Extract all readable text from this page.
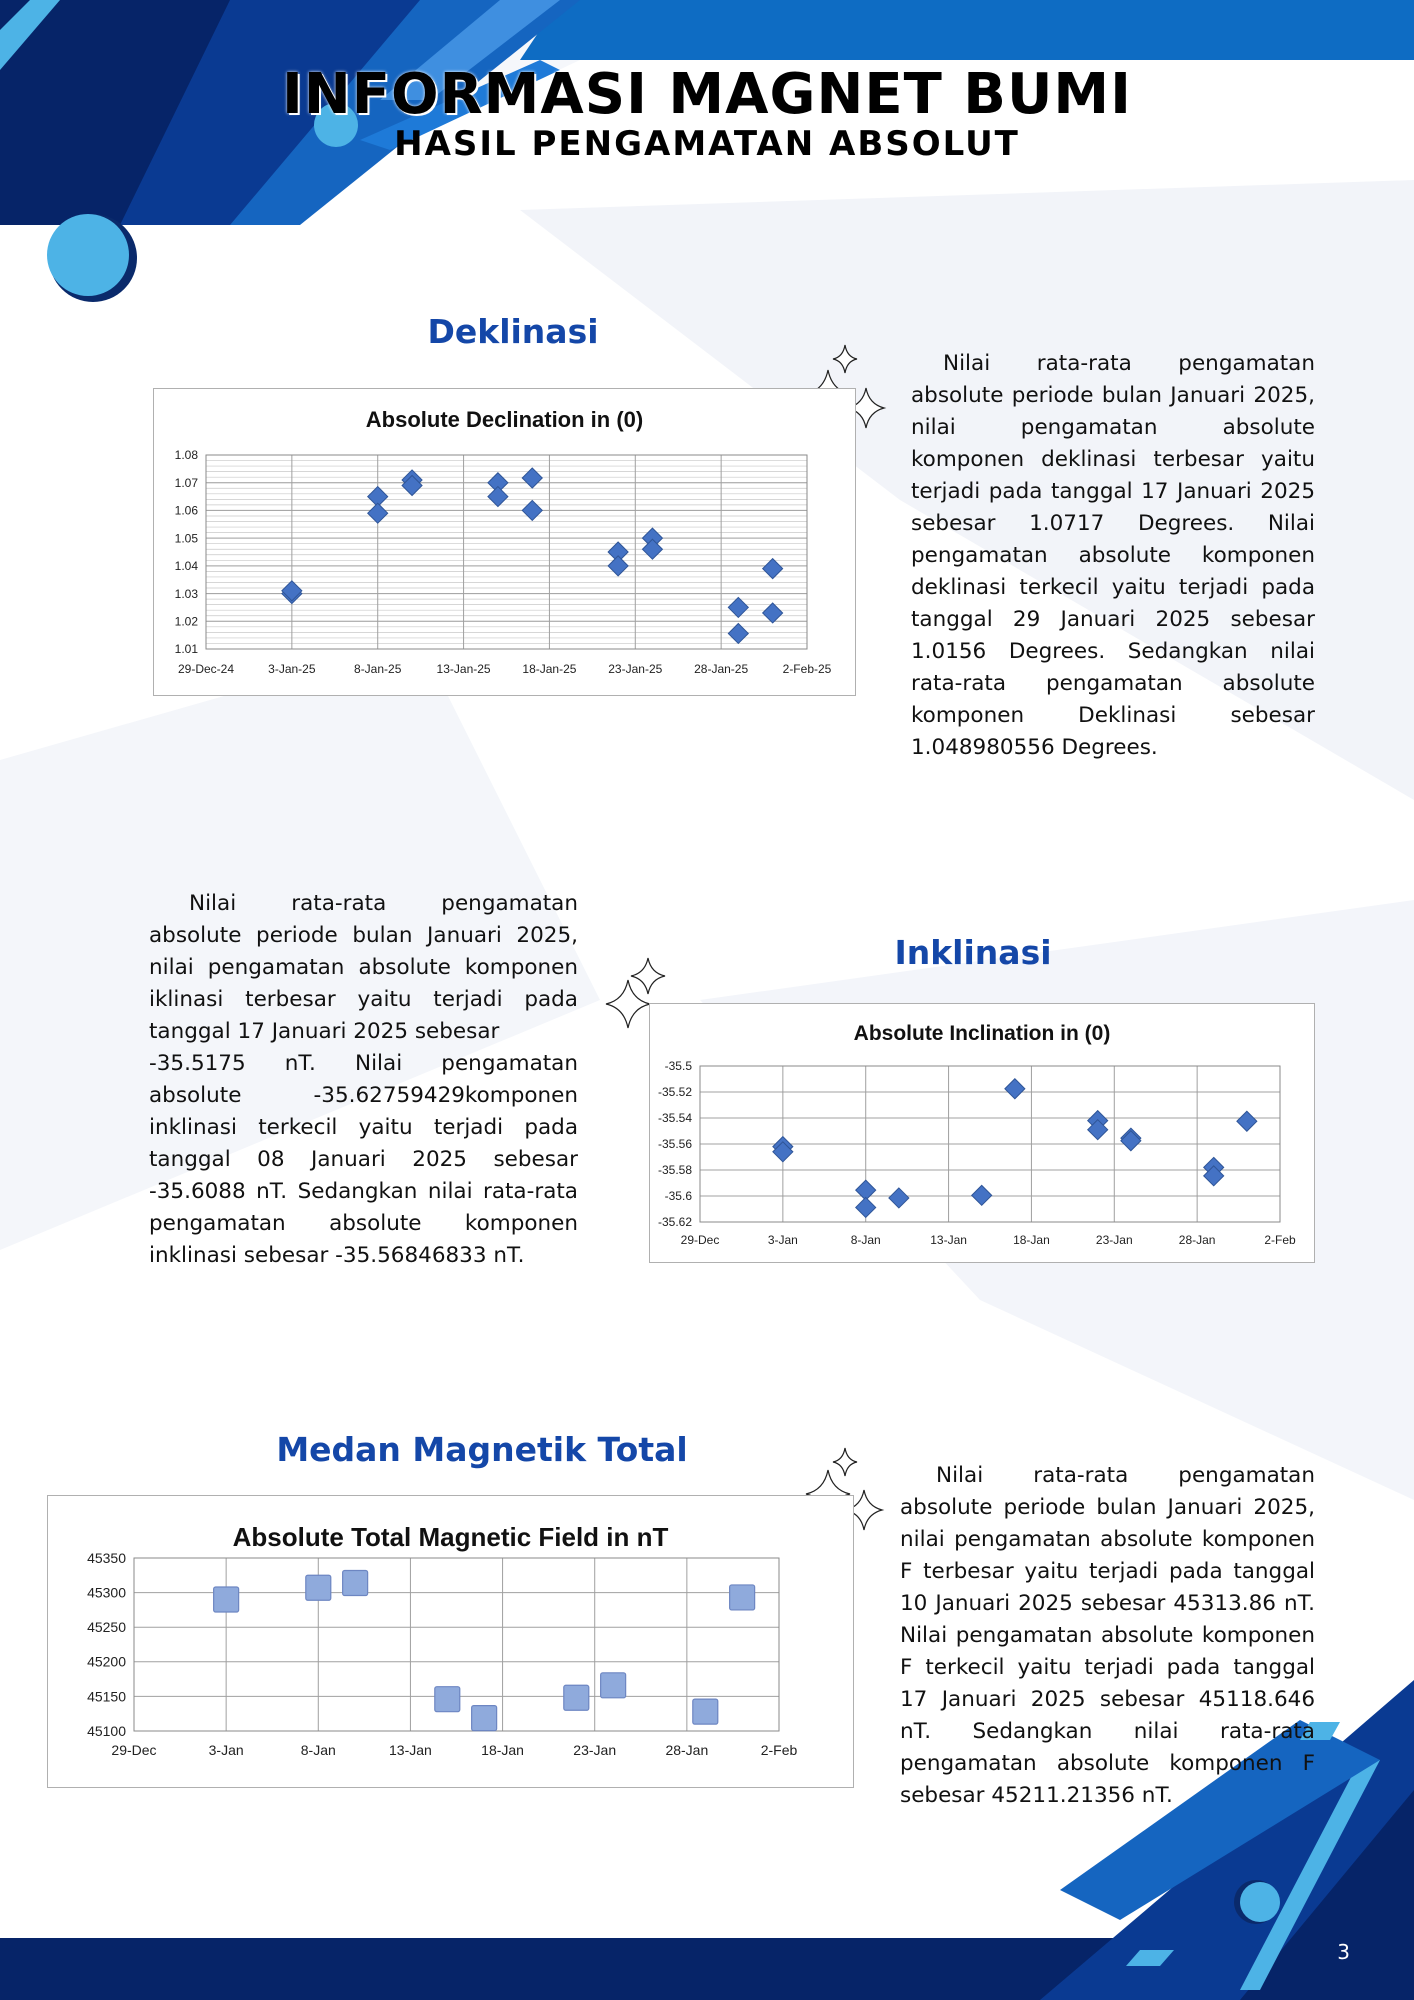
INFORMASI MAGNET BUMI
HASIL PENGAMATAN ABSOLUT
Deklinasi
Absolute Declination in (0)
1.01
1.02
1.03
1.04
1.05
1.06
1.07
1.08
29-Dec-24	3-Jan-25	8-Jan-25	13-Jan-25	18-Jan-25	23-Jan-25	28-Jan-25	2-Feb-25

Nilai rata-rata pengamatan absolute periode bulan Januari 2025, nilai pengamatan absolute komponen deklinasi terbesar yaitu terjadi pada tanggal 17 Januari 2025 sebesar 1.0717 Degrees. Nilai pengamatan absolute komponen deklinasi terkecil yaitu terjadi pada tanggal 29 Januari 2025 sebesar 1.0156 Degrees. Sedangkan nilai rata-rata pengamatan absolute komponen Deklinasi sebesar 1.048980556 Degrees.

Nilai rata-rata pengamatan absolute periode bulan Januari 2025, nilai pengamatan absolute komponen iklinasi terbesar yaitu terjadi pada tanggal 17 Januari 2025 sebesar
-35.5175 nT. Nilai pengamatan absolute -35.62759429komponen inklinasi terkecil yaitu terjadi pada tanggal 08 Januari 2025 sebesar -35.6088 nT. Sedangkan nilai rata-rata pengamatan absolute komponen inklinasi sebesar -35.56846833 nT.
Inklinasi
Absolute Inclination in (0)
-35.5
-35.52
-35.54
-35.56
-35.58
-35.6
-35.62
29-Dec	3-Jan	8-Jan	13-Jan	18-Jan	23-Jan	28-Jan	2-Feb
Medan Magnetik Total
Absolute Total Magnetic Field in nT
45350
45300
45250
45200
45150
45100
29-Dec	3-Jan	8-Jan	13-Jan	18-Jan	23-Jan	28-Jan	2-Feb

Nilai rata-rata pengamatan absolute periode bulan Januari 2025, nilai pengamatan absolute komponen F terbesar yaitu terjadi pada tanggal 10 Januari 2025 sebesar 45313.86 nT. Nilai pengamatan absolute komponen F terkecil yaitu terjadi pada tanggal 17 Januari 2025 sebesar 45118.646 nT. Sedangkan nilai rata-rata pengamatan absolute komponen F sebesar 45211.21356 nT.

3
